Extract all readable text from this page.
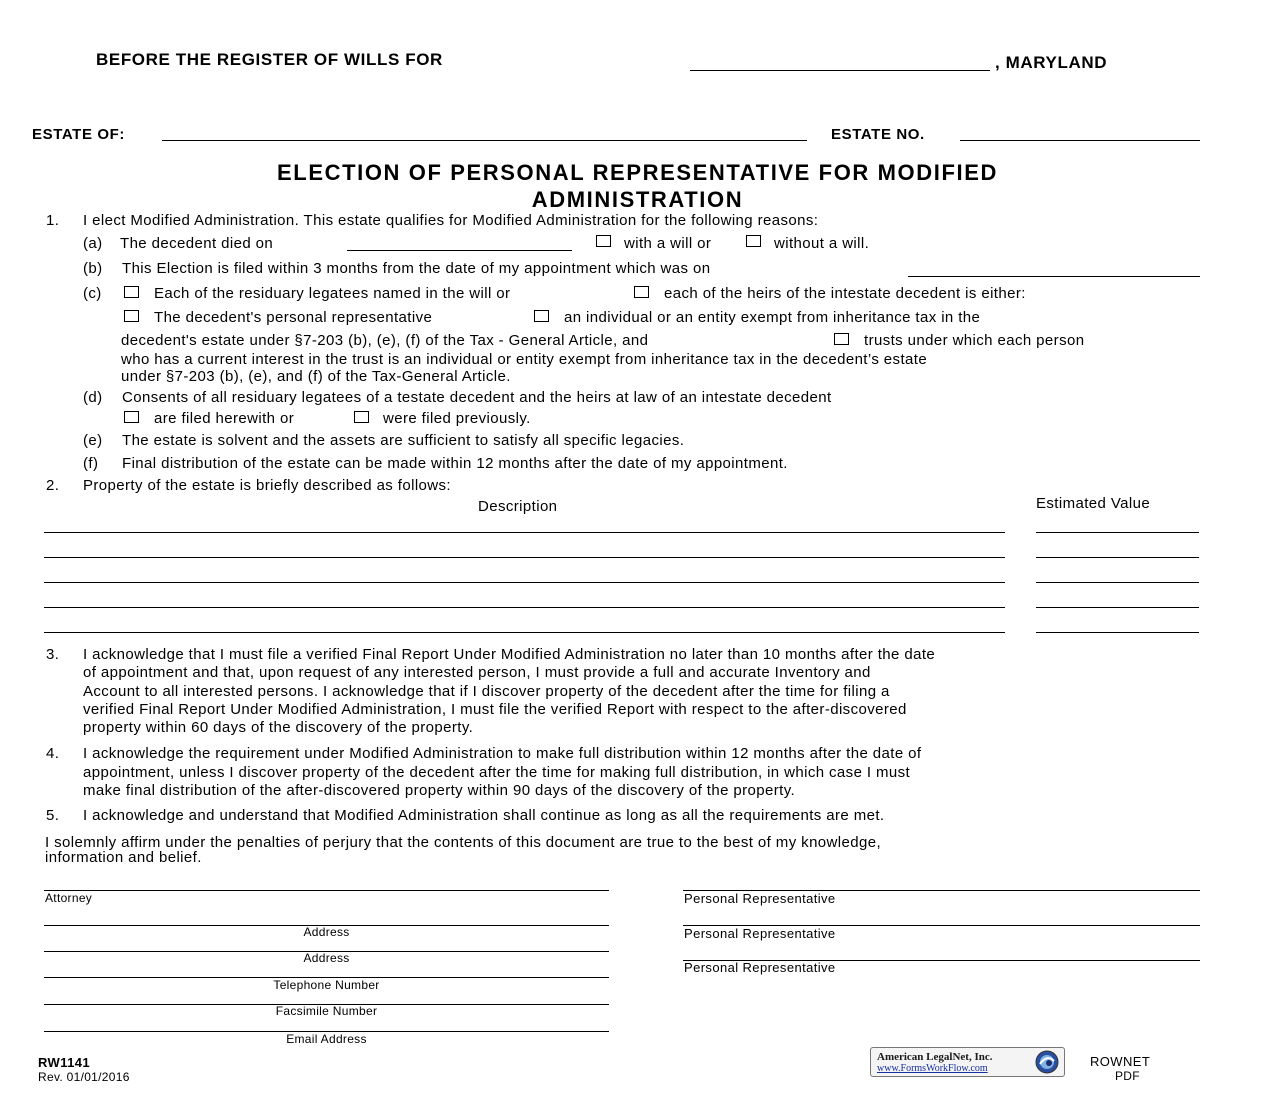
BEFORE THE REGISTER OF WILLS FOR	, MARYLAND
ESTATE OF:	ESTATE NO.
ELECTION OF PERSONAL REPRESENTATIVE FOR MODIFIED
ADMINISTRATION
1. I elect Modified Administration. This estate qualifies for Modified Administration for the following reasons:
(a) The decedent died on	with a will or	without a will.
(b) This Election is filed within 3 months from the date of my appointment which was on
(c)	Each of the residuary legatees named in the will or	each of the heirs of the intestate decedent is either:
The decedent's personal representative	an individual or an entity exempt from inheritance tax in the
decedent's estate under §7-203 (b), (e), (f) of the Tax - General Article, and	trusts under which each person
who has a current interest in the trust is an individual or entity exempt from inheritance tax in the decedent’s estate
under §7-203 (b), (e), and (f) of the Tax-General Article.
(d) Consents of all residuary legatees of a testate decedent and the heirs at law of an intestate decedent
are filed herewith or	were filed previously.
(e) The estate is solvent and the assets are sufficient to satisfy all specific legacies.
(f) Final distribution of the estate can be made within 12 months after the date of my appointment.
2. Property of the estate is briefly described as follows:
Description	Estimated Value
3. I acknowledge that I must file a verified Final Report Under Modified Administration no later than 10 months after the date
of appointment and that, upon request of any interested person, I must provide a full and accurate Inventory and
Account to all interested persons. I acknowledge that if I discover property of the decedent after the time for filing a
verified Final Report Under Modified Administration, I must file the verified Report with respect to the after-discovered
property within 60 days of the discovery of the property.
4. I acknowledge the requirement under Modified Administration to make full distribution within 12 months after the date of
appointment, unless I discover property of the decedent after the time for making full distribution, in which case I must
make final distribution of the after-discovered property within 90 days of the discovery of the property.
5. I acknowledge and understand that Modified Administration shall continue as long as all the requirements are met.
I solemnly affirm under the penalties of perjury that the contents of this document are true to the best of my knowledge,
information and belief.
Attorney
Address
Address
Telephone Number
Facsimile Number
Email Address
Personal Representative
Personal Representative
Personal Representative
RW1141
Rev. 01/01/2016
American LegalNet, Inc.
www.FormsWorkFlow.com	ROWNET
PDF
